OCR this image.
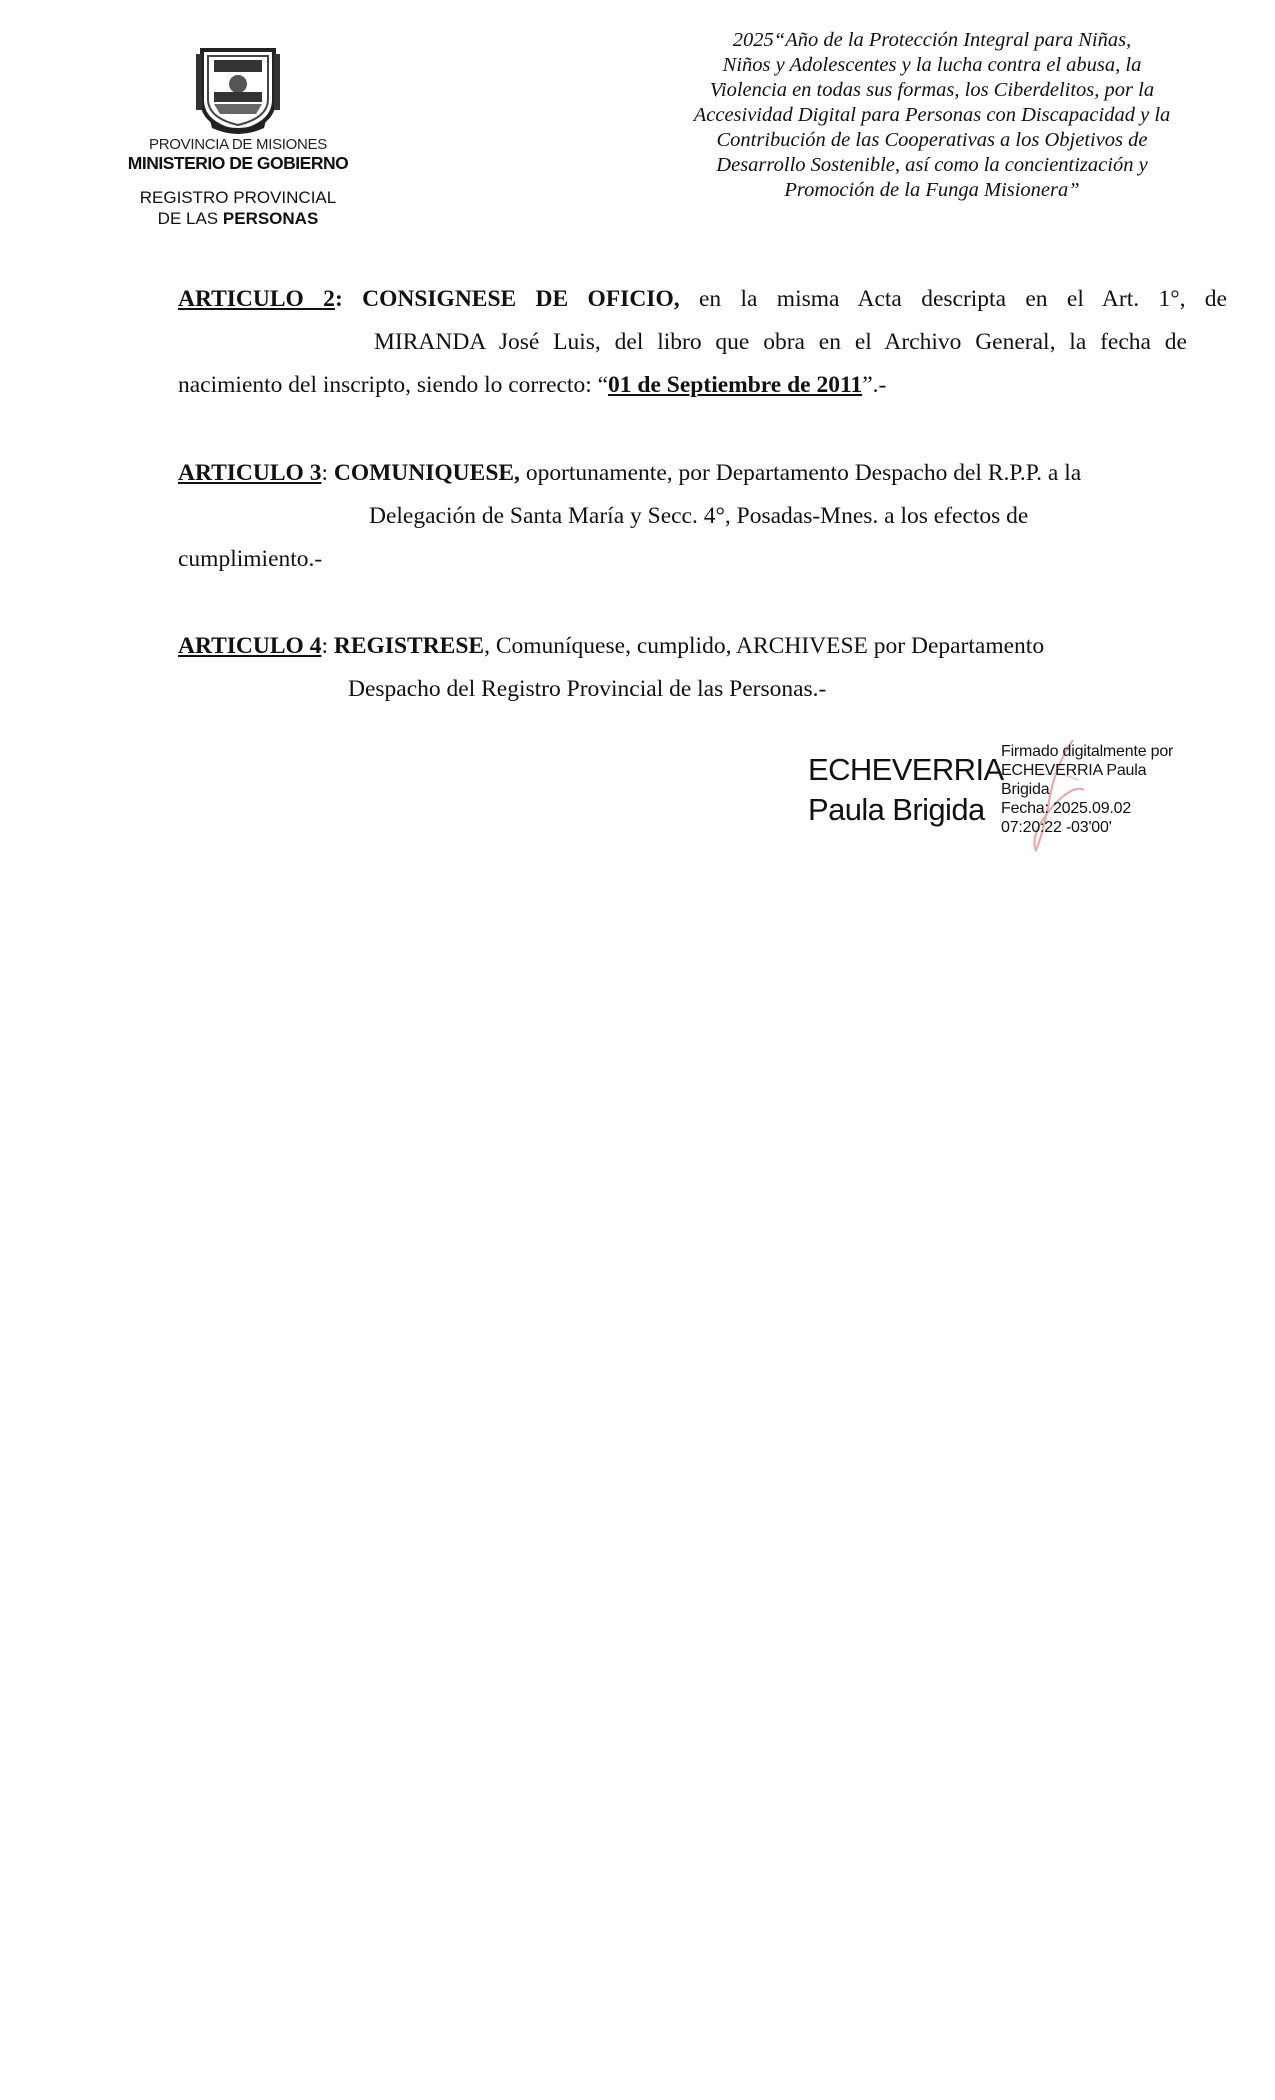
PROVINCIA DE MISIONES
MINISTERIO DE GOBIERNO
REGISTRO PROVINCIAL
DE LAS PERSONAS
2025“Año de la Protección Integral para Niñas,
Niños y Adolescentes y la lucha contra el abusa, la
Violencia en todas sus formas, los Ciberdelitos, por la
Accesividad Digital para Personas con Discapacidad y la
Contribución de las Cooperativas a los Objetivos de
Desarrollo Sostenible, así como la concientización y
Promoción de la Funga Misionera”
ARTICULO 2: CONSIGNESE DE OFICIO, en la misma Acta descripta en el Art. 1°, de
MIRANDA José Luis, del libro que obra en el Archivo General, la fecha de
nacimiento del inscripto, siendo lo correcto: “01 de Septiembre de 2011”.-
ARTICULO 3: COMUNIQUESE, oportunamente, por Departamento Despacho del R.P.P. a la
Delegación de Santa María y Secc. 4°, Posadas-Mnes. a los efectos de
cumplimiento.-
ARTICULO 4: REGISTRESE, Comuníquese, cumplido, ARCHIVESE por Departamento
Despacho del Registro Provincial de las Personas.-
ECHEVERRIA
Paula Brigida
Firmado digitalmente por
ECHEVERRIA Paula
Brigida
Fecha: 2025.09.02
07:20:22 -03'00'
